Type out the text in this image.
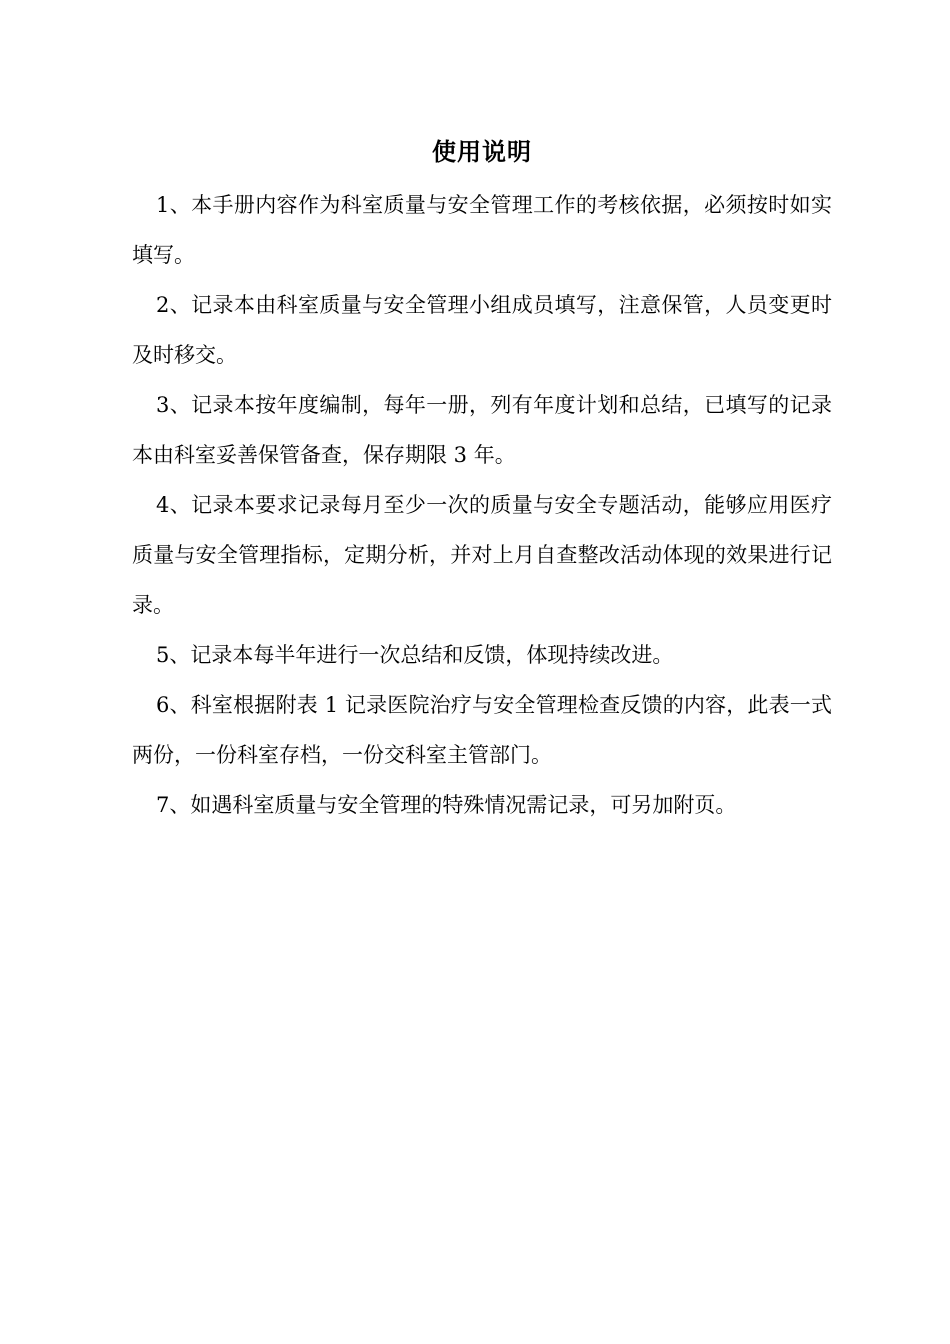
使用说明

1、本手册内容作为科室质量与安全管理工作的考核依据，必须按时如实填写。

2、记录本由科室质量与安全管理小组成员填写，注意保管，人员变更时及时移交。

3、记录本按年度编制，每年一册，列有年度计划和总结，已填写的记录本由科室妥善保管备查，保存期限 3 年。

4、记录本要求记录每月至少一次的质量与安全专题活动，能够应用医疗质量与安全管理指标，定期分析，并对上月自查整改活动体现的效果进行记录。

5、记录本每半年进行一次总结和反馈，体现持续改进。

6、科室根据附表 1 记录医院治疗与安全管理检查反馈的内容，此表一式两份，一份科室存档，一份交科室主管部门。

7、如遇科室质量与安全管理的特殊情况需记录，可另加附页。
